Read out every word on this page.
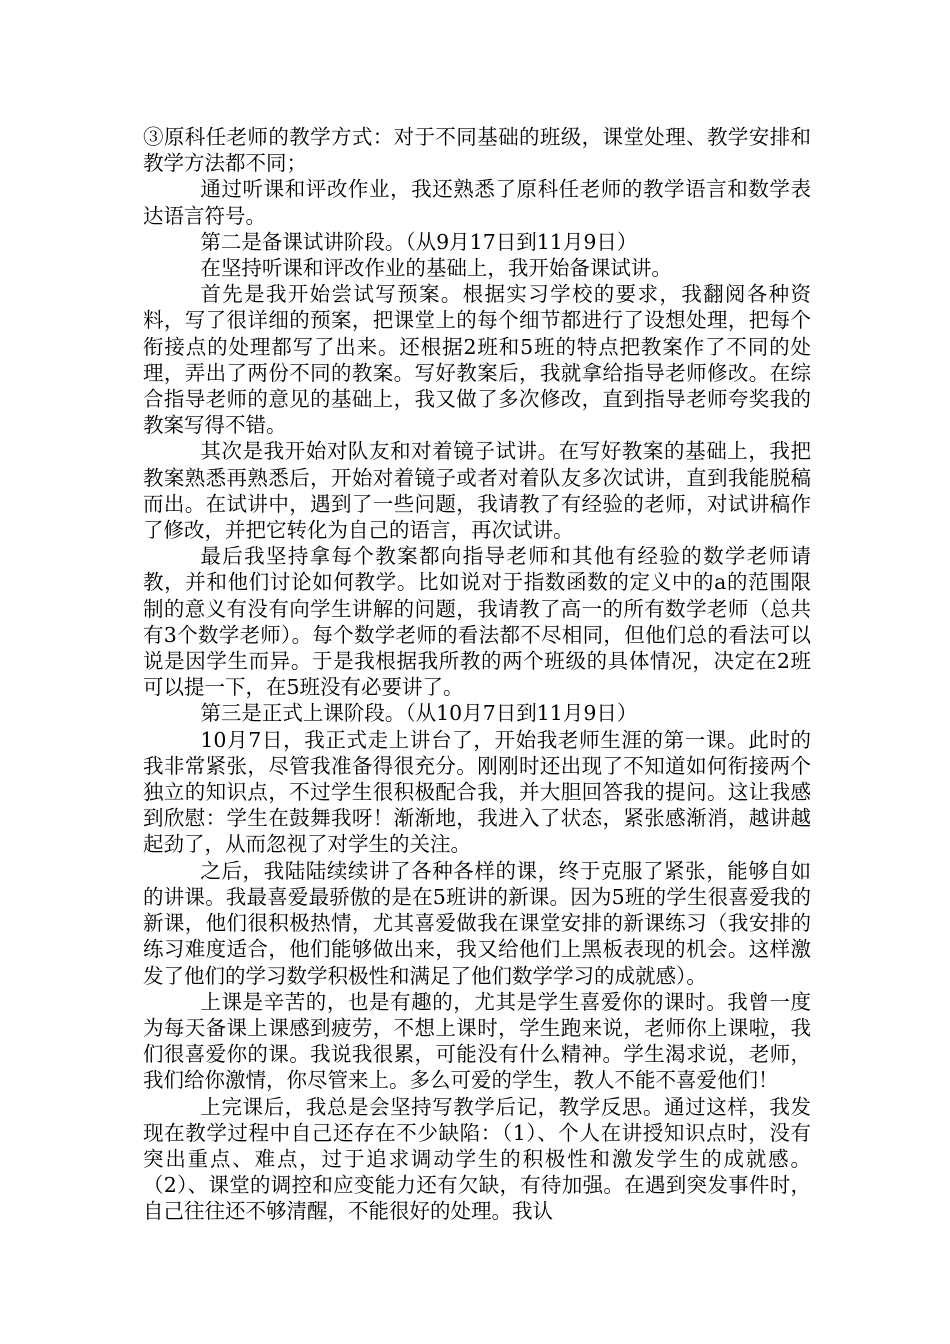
③原科任老师的教学方式：对于不同基础的班级，课堂处理、教学安排和教学方法都不同；

通过听课和评改作业，我还熟悉了原科任老师的教学语言和数学表达语言符号。

第二是备课试讲阶段。（从9月17日到11月9日）

在坚持听课和评改作业的基础上，我开始备课试讲。

首先是我开始尝试写预案。根据实习学校的要求，我翻阅各种资料，写了很详细的预案，把课堂上的每个细节都进行了设想处理，把每个衔接点的处理都写了出来。还根据2班和5班的特点把教案作了不同的处理，弄出了两份不同的教案。写好教案后，我就拿给指导老师修改。在综合指导老师的意见的基础上，我又做了多次修改，直到指导老师夸奖我的教案写得不错。

其次是我开始对队友和对着镜子试讲。在写好教案的基础上，我把教案熟悉再熟悉后，开始对着镜子或者对着队友多次试讲，直到我能脱稿而出。在试讲中，遇到了一些问题，我请教了有经验的老师，对试讲稿作了修改，并把它转化为自己的语言，再次试讲。

最后我坚持拿每个教案都向指导老师和其他有经验的数学老师请教，并和他们讨论如何教学。比如说对于指数函数的定义中的a的范围限制的意义有没有向学生讲解的问题，我请教了高一的所有数学老师（总共有3个数学老师）。每个数学老师的看法都不尽相同，但他们总的看法可以说是因学生而异。于是我根据我所教的两个班级的具体情况，决定在2班可以提一下，在5班没有必要讲了。

第三是正式上课阶段。（从10月7日到11月9日）

10月7日，我正式走上讲台了，开始我老师生涯的第一课。此时的我非常紧张，尽管我准备得很充分。刚刚时还出现了不知道如何衔接两个独立的知识点，不过学生很积极配合我，并大胆回答我的提问。这让我感到欣慰：学生在鼓舞我呀！渐渐地，我进入了状态，紧张感渐消，越讲越起劲了，从而忽视了对学生的关注。

之后，我陆陆续续讲了各种各样的课，终于克服了紧张，能够自如的讲课。我最喜爱最骄傲的是在5班讲的新课。因为5班的学生很喜爱我的新课，他们很积极热情，尤其喜爱做我在课堂安排的新课练习（我安排的练习难度适合，他们能够做出来，我又给他们上黑板表现的机会。这样激发了他们的学习数学积极性和满足了他们数学学习的成就感）。

上课是辛苦的，也是有趣的，尤其是学生喜爱你的课时。我曾一度为每天备课上课感到疲劳，不想上课时，学生跑来说，老师你上课啦，我们很喜爱你的课。我说我很累，可能没有什么精神。学生渴求说，老师，我们给你激情，你尽管来上。多么可爱的学生，教人不能不喜爱他们！

上完课后，我总是会坚持写教学后记，教学反思。通过这样，我发现在教学过程中自己还存在不少缺陷：（1）、个人在讲授知识点时，没有突出重点、难点，过于追求调动学生的积极性和激发学生的成就感。（2）、课堂的调控和应变能力还有欠缺，有待加强。在遇到突发事件时，自己往往还不够清醒，不能很好的处理。我认
